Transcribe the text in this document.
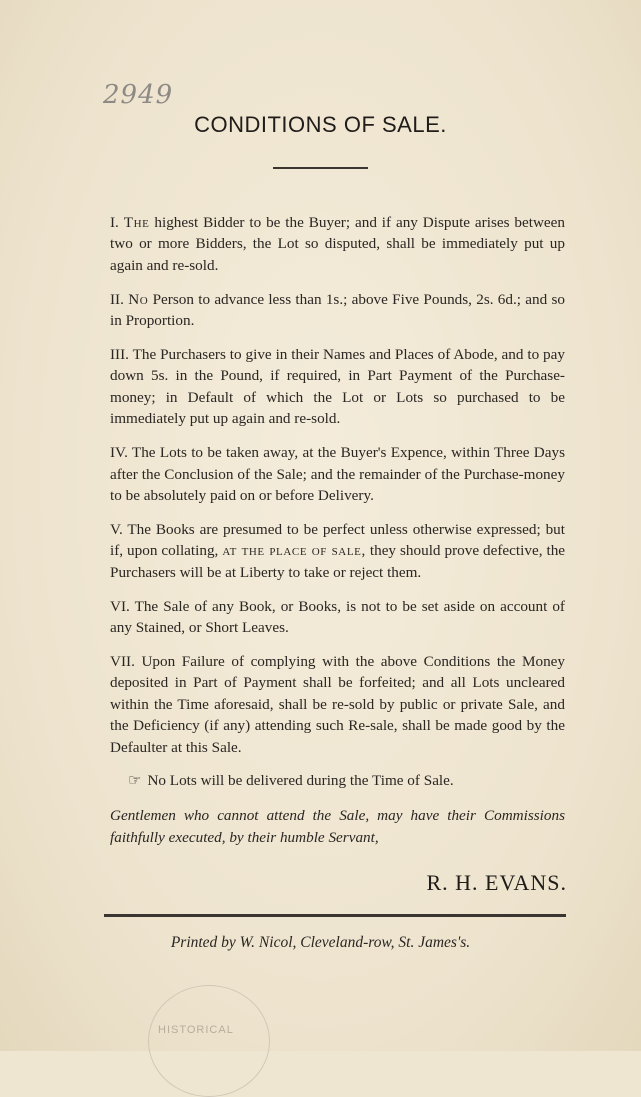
2949
CONDITIONS OF SALE.

I. The highest Bidder to be the Buyer; and if any Dispute arises between two or more Bidders, the Lot so disputed, shall be immediately put up again and re-sold.

II. No Person to advance less than 1s.; above Five Pounds, 2s. 6d.; and so in Proportion.

III. The Purchasers to give in their Names and Places of Abode, and to pay down 5s. in the Pound, if required, in Part Payment of the Purchase-money; in Default of which the Lot or Lots so purchased to be immediately put up again and re-sold.

IV. The Lots to be taken away, at the Buyer's Expence, within Three Days after the Conclusion of the Sale; and the remainder of the Purchase-money to be absolutely paid on or before Delivery.

V. The Books are presumed to be perfect unless otherwise expressed; but if, upon collating, at the place of sale, they should prove defective, the Purchasers will be at Liberty to take or reject them.

VI. The Sale of any Book, or Books, is not to be set aside on account of any Stained, or Short Leaves.

VII. Upon Failure of complying with the above Conditions the Money deposited in Part of Payment shall be forfeited; and all Lots uncleared within the Time aforesaid, shall be re-sold by public or private Sale, and the Deficiency (if any) attending such Re-sale, shall be made good by the Defaulter at this Sale.

☞ No Lots will be delivered during the Time of Sale.

Gentlemen who cannot attend the Sale, may have their Commissions faithfully executed, by their humble Servant,

R. H. EVANS.
Printed by W. Nicol, Cleveland-row, St. James's.
HISTORICAL
